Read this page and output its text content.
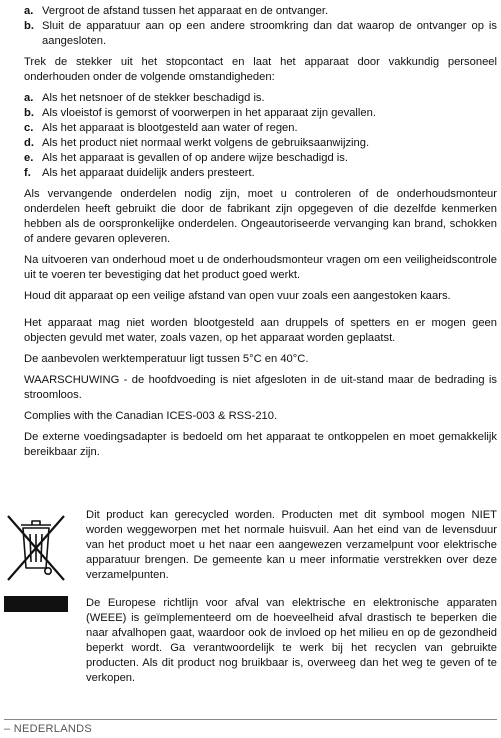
a. Vergroot de afstand tussen het apparaat en de ontvanger.
b. Sluit de apparatuur aan op een andere stroomkring dan dat waarop de ontvanger op is aangesloten.

Trek de stekker uit het stopcontact en laat het apparaat door vakkundig personeel onderhouden onder de volgende omstandigheden:

a. Als het netsnoer of de stekker beschadigd is.
b. Als vloeistof is gemorst of voorwerpen in het apparaat zijn gevallen.
c. Als het apparaat is blootgesteld aan water of regen.
d. Als het product niet normaal werkt volgens de gebruiksaanwijzing.
e. Als het apparaat is gevallen of op andere wijze beschadigd is.
f. Als het apparaat duidelijk anders presteert.

Als vervangende onderdelen nodig zijn, moet u controleren of de onderhoudsmonteur onderdelen heeft gebruikt die door de fabrikant zijn opgegeven of die dezelfde kenmerken hebben als de oorspronkelijke onderdelen. Ongeautoriseerde vervanging kan brand, schokken of andere gevaren opleveren.

Na uitvoeren van onderhoud moet u de onderhoudsmonteur vragen om een veiligheidscontrole uit te voeren ter bevestiging dat het product goed werkt.

Houd dit apparaat op een veilige afstand van open vuur zoals een aangestoken kaars.

Het apparaat mag niet worden blootgesteld aan druppels of spetters en er mogen geen objecten gevuld met water, zoals vazen, op het apparaat worden geplaatst.

De aanbevolen werktemperatuur ligt tussen 5°C en 40°C.

WAARSCHUWING - de hoofdvoeding is niet afgesloten in de uit-stand maar de bedrading is stroomloos.

Complies with the Canadian ICES-003 & RSS-210.

De externe voedingsadapter is bedoeld om het apparaat te ontkoppelen en moet gemakkelijk bereikbaar zijn.

Dit product kan gerecycled worden. Producten met dit symbool mogen NIET worden weggeworpen met het normale huisvuil. Aan het eind van de levensduur van het product moet u het naar een aangewezen verzamelpunt voor elektrische apparatuur brengen. De gemeente kan u meer informatie verstrekken over deze verzamelpunten.

De Europese richtlijn voor afval van elektrische en elektronische apparaten (WEEE) is geïmplementeerd om de hoeveelheid afval drastisch te beperken die naar afvalhopen gaat, waardoor ook de invloed op het milieu en op de gezondheid beperkt wordt. Ga verantwoordelijk te werk bij het recyclen van gebruikte producten. Als dit product nog bruikbaar is, overweeg dan het weg te geven of te verkopen.

– NEDERLANDS
